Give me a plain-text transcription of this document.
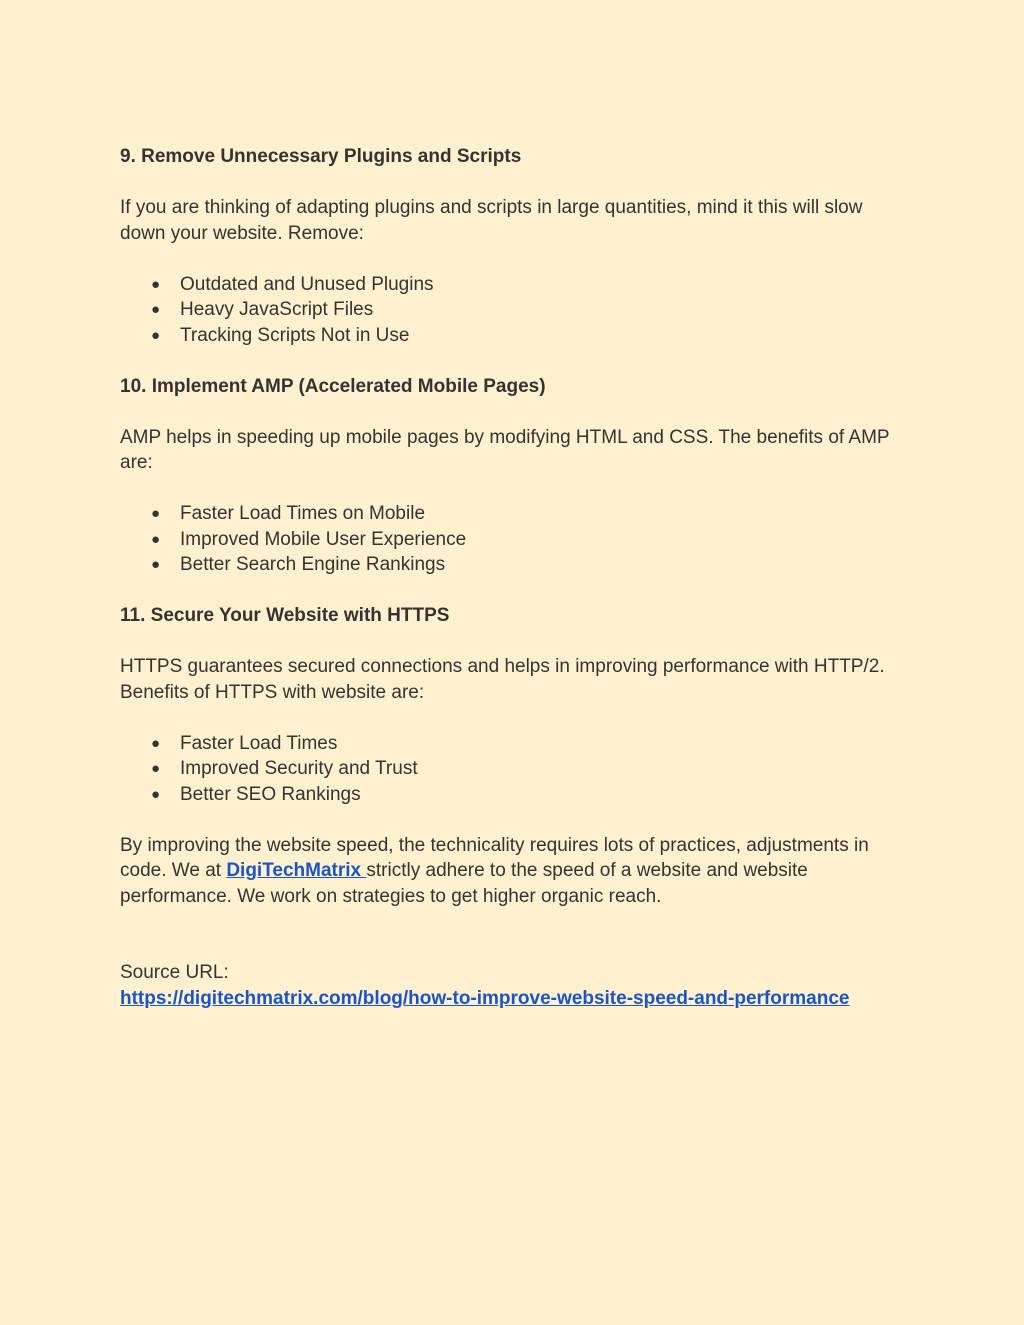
9. Remove Unnecessary Plugins and Scripts

If you are thinking of adapting plugins and scripts in large quantities, mind it this will slow down your website. Remove:

● Outdated and Unused Plugins
● Heavy JavaScript Files
● Tracking Scripts Not in Use
10. Implement AMP (Accelerated Mobile Pages)

AMP helps in speeding up mobile pages by modifying HTML and CSS. The benefits of AMP are:

● Faster Load Times on Mobile
● Improved Mobile User Experience
● Better Search Engine Rankings
11. Secure Your Website with HTTPS

HTTPS guarantees secured connections and helps in improving performance with HTTP/2. Benefits of HTTPS with website are:

● Faster Load Times
● Improved Security and Trust
● Better SEO Rankings

By improving the website speed, the technicality requires lots of practices, adjustments in code. We at DigiTechMatrix strictly adhere to the speed of a website and website performance. We work on strategies to get higher organic reach.

Source URL:

https://digitechmatrix.com/blog/how-to-improve-website-speed-and-performance
